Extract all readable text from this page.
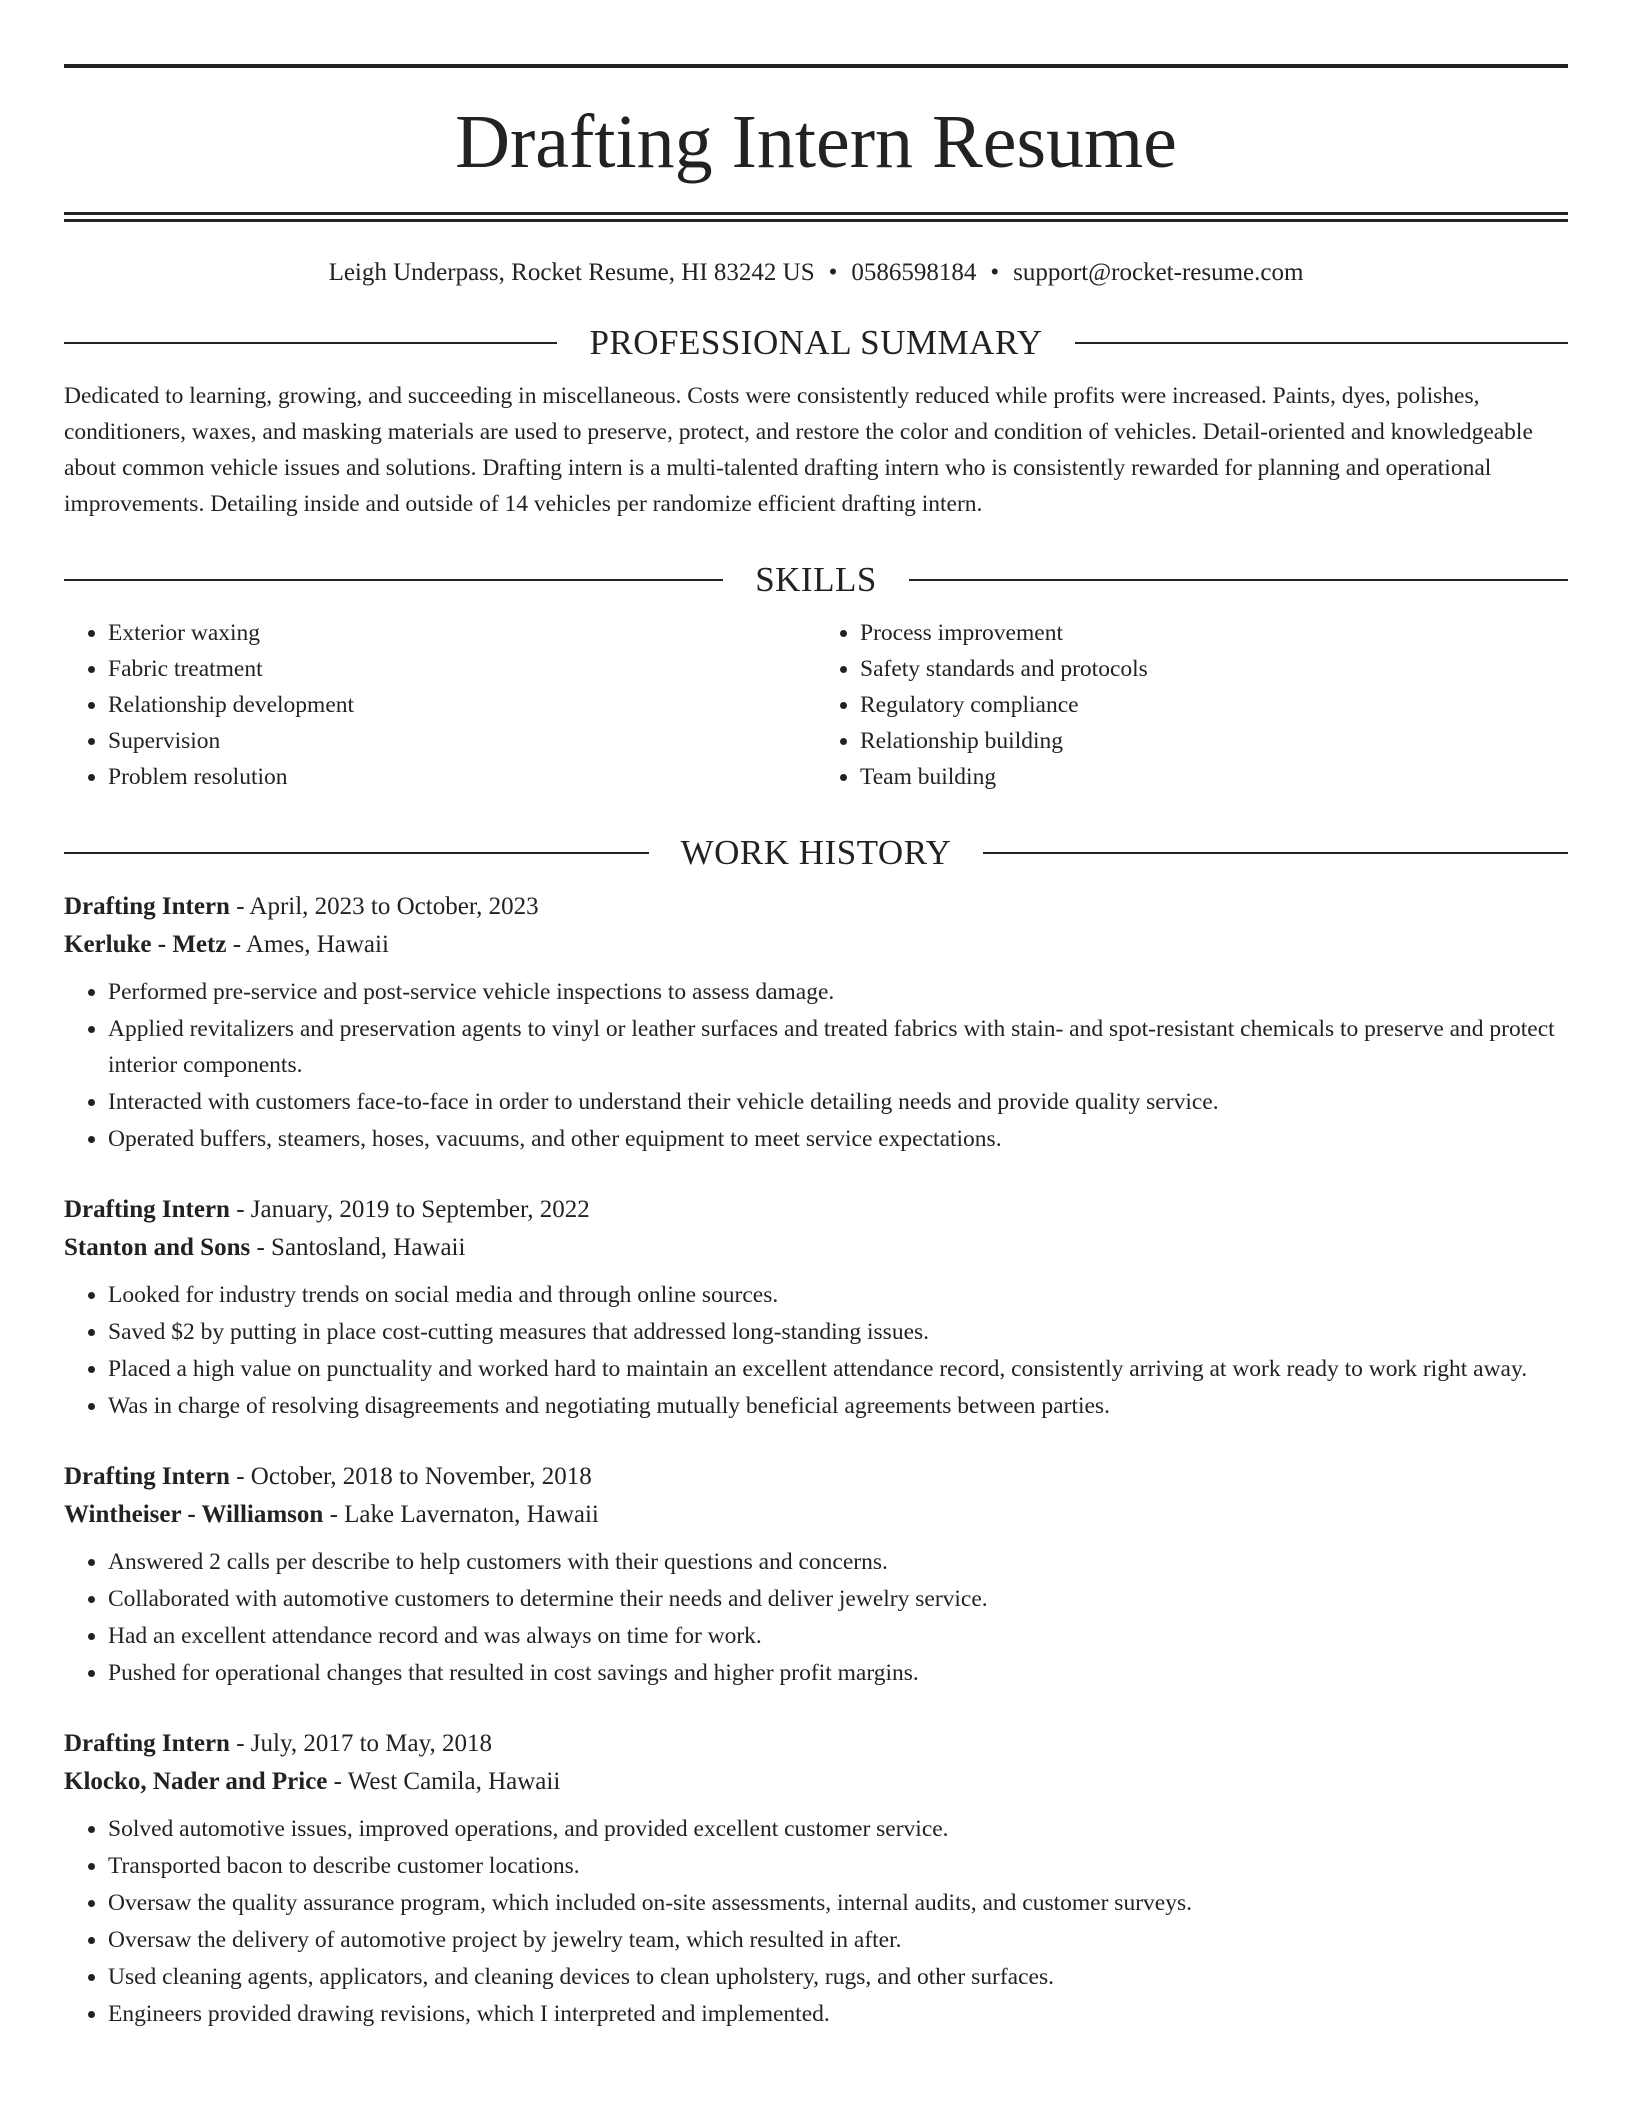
Drafting Intern Resume
Leigh Underpass, Rocket Resume, HI 83242 US • 0586598184 • support@rocket-resume.com
PROFESSIONAL SUMMARY
Dedicated to learning, growing, and succeeding in miscellaneous. Costs were consistently reduced while profits were increased. Paints, dyes, polishes, conditioners, waxes, and masking materials are used to preserve, protect, and restore the color and condition of vehicles. Detail-oriented and knowledgeable about common vehicle issues and solutions. Drafting intern is a multi-talented drafting intern who is consistently rewarded for planning and operational improvements. Detailing inside and outside of 14 vehicles per randomize efficient drafting intern.
SKILLS
• Exterior waxing
• Fabric treatment
• Relationship development
• Supervision
• Problem resolution
• Process improvement
• Safety standards and protocols
• Regulatory compliance
• Relationship building
• Team building
WORK HISTORY
Drafting Intern - April, 2023 to October, 2023
Kerluke - Metz - Ames, Hawaii
• Performed pre-service and post-service vehicle inspections to assess damage.
• Applied revitalizers and preservation agents to vinyl or leather surfaces and treated fabrics with stain- and spot-resistant chemicals to preserve and protect interior components.
• Interacted with customers face-to-face in order to understand their vehicle detailing needs and provide quality service.
• Operated buffers, steamers, hoses, vacuums, and other equipment to meet service expectations.
Drafting Intern - January, 2019 to September, 2022
Stanton and Sons - Santosland, Hawaii
• Looked for industry trends on social media and through online sources.
• Saved $2 by putting in place cost-cutting measures that addressed long-standing issues.
• Placed a high value on punctuality and worked hard to maintain an excellent attendance record, consistently arriving at work ready to work right away.
• Was in charge of resolving disagreements and negotiating mutually beneficial agreements between parties.
Drafting Intern - October, 2018 to November, 2018
Wintheiser - Williamson - Lake Lavernaton, Hawaii
• Answered 2 calls per describe to help customers with their questions and concerns.
• Collaborated with automotive customers to determine their needs and deliver jewelry service.
• Had an excellent attendance record and was always on time for work.
• Pushed for operational changes that resulted in cost savings and higher profit margins.
Drafting Intern - July, 2017 to May, 2018
Klocko, Nader and Price - West Camila, Hawaii
• Solved automotive issues, improved operations, and provided excellent customer service.
• Transported bacon to describe customer locations.
• Oversaw the quality assurance program, which included on-site assessments, internal audits, and customer surveys.
• Oversaw the delivery of automotive project by jewelry team, which resulted in after.
• Used cleaning agents, applicators, and cleaning devices to clean upholstery, rugs, and other surfaces.
• Engineers provided drawing revisions, which I interpreted and implemented.
